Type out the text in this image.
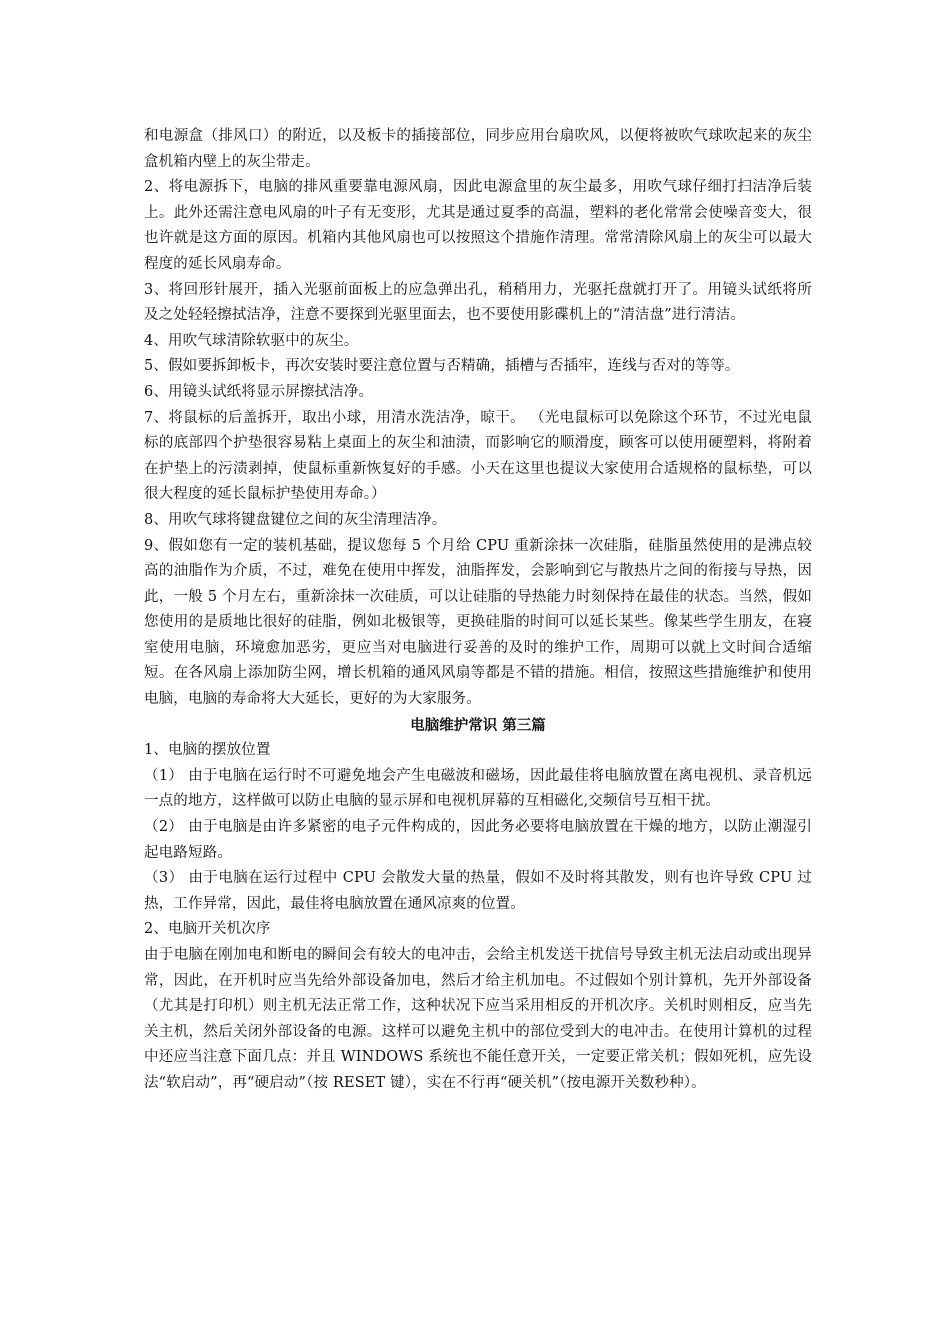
和电源盒（排风口）的附近，以及板卡的插接部位，同步应用台扇吹风，以便将被吹气球吹起来的灰尘盒机箱内壁上的灰尘带走。

2、将电源拆下，电脑的排风重要靠电源风扇，因此电源盒里的灰尘最多，用吹气球仔细打扫洁净后装上。此外还需注意电风扇的叶子有无变形，尤其是通过夏季的高温，塑料的老化常常会使噪音变大，很也许就是这方面的原因。机箱内其他风扇也可以按照这个措施作清理。常常清除风扇上的灰尘可以最大程度的延长风扇寿命。

3、将回形针展开，插入光驱前面板上的应急弹出孔，稍稍用力，光驱托盘就打开了。用镜头试纸将所及之处轻轻擦拭洁净，注意不要探到光驱里面去，也不要使用影碟机上的“清洁盘”进行清洁。

4、用吹气球清除软驱中的灰尘。

5、假如要拆卸板卡，再次安装时要注意位置与否精确，插槽与否插牢，连线与否对的等等。

6、用镜头试纸将显示屏擦拭洁净。

7、将鼠标的后盖拆开，取出小球，用清水洗洁净，晾干。 （光电鼠标可以免除这个环节，不过光电鼠标的底部四个护垫很容易粘上桌面上的灰尘和油渍，而影响它的顺滑度，顾客可以使用硬塑料，将附着在护垫上的污渍剥掉，使鼠标重新恢复好的手感。小天在这里也提议大家使用合适规格的鼠标垫，可以很大程度的延长鼠标护垫使用寿命。）

8、用吹气球将键盘键位之间的灰尘清理洁净。

9、假如您有一定的装机基础，提议您每 5 个月给 CPU 重新涂抹一次硅脂，硅脂虽然使用的是沸点较高的油脂作为介质，不过，难免在使用中挥发，油脂挥发，会影响到它与散热片之间的衔接与导热，因此，一般 5 个月左右，重新涂抹一次硅质，可以让硅脂的导热能力时刻保持在最佳的状态。当然，假如您使用的是质地比很好的硅脂，例如北极银等，更换硅脂的时间可以延长某些。像某些学生朋友，在寝室使用电脑，环境愈加恶劣，更应当对电脑进行妥善的及时的维护工作，周期可以就上文时间合适缩短。在各风扇上添加防尘网，增长机箱的通风风扇等都是不错的措施。相信，按照这些措施维护和使用电脑，电脑的寿命将大大延长，更好的为大家服务。

电脑维护常识 第三篇

1、电脑的摆放位置

（1） 由于电脑在运行时不可避免地会产生电磁波和磁场，因此最佳将电脑放置在离电视机、录音机远一点的地方，这样做可以防止电脑的显示屏和电视机屏幕的互相磁化,交频信号互相干扰。

（2） 由于电脑是由许多紧密的电子元件构成的，因此务必要将电脑放置在干燥的地方，以防止潮湿引起电路短路。

（3） 由于电脑在运行过程中 CPU 会散发大量的热量，假如不及时将其散发，则有也许导致 CPU 过热，工作异常，因此，最佳将电脑放置在通风凉爽的位置。

2、电脑开关机次序

由于电脑在刚加电和断电的瞬间会有较大的电冲击，会给主机发送干扰信号导致主机无法启动或出现异常，因此，在开机时应当先给外部设备加电，然后才给主机加电。不过假如个别计算机，先开外部设备（尤其是打印机）则主机无法正常工作，这种状况下应当采用相反的开机次序。关机时则相反，应当先关主机，然后关闭外部设备的电源。这样可以避免主机中的部位受到大的电冲击。在使用计算机的过程中还应当注意下面几点：并且 WINDOWS 系统也不能任意开关，一定要正常关机；假如死机，应先设法“软启动”，再“硬启动”（按 RESET 键），实在不行再“硬关机”（按电源开关数秒种）。
